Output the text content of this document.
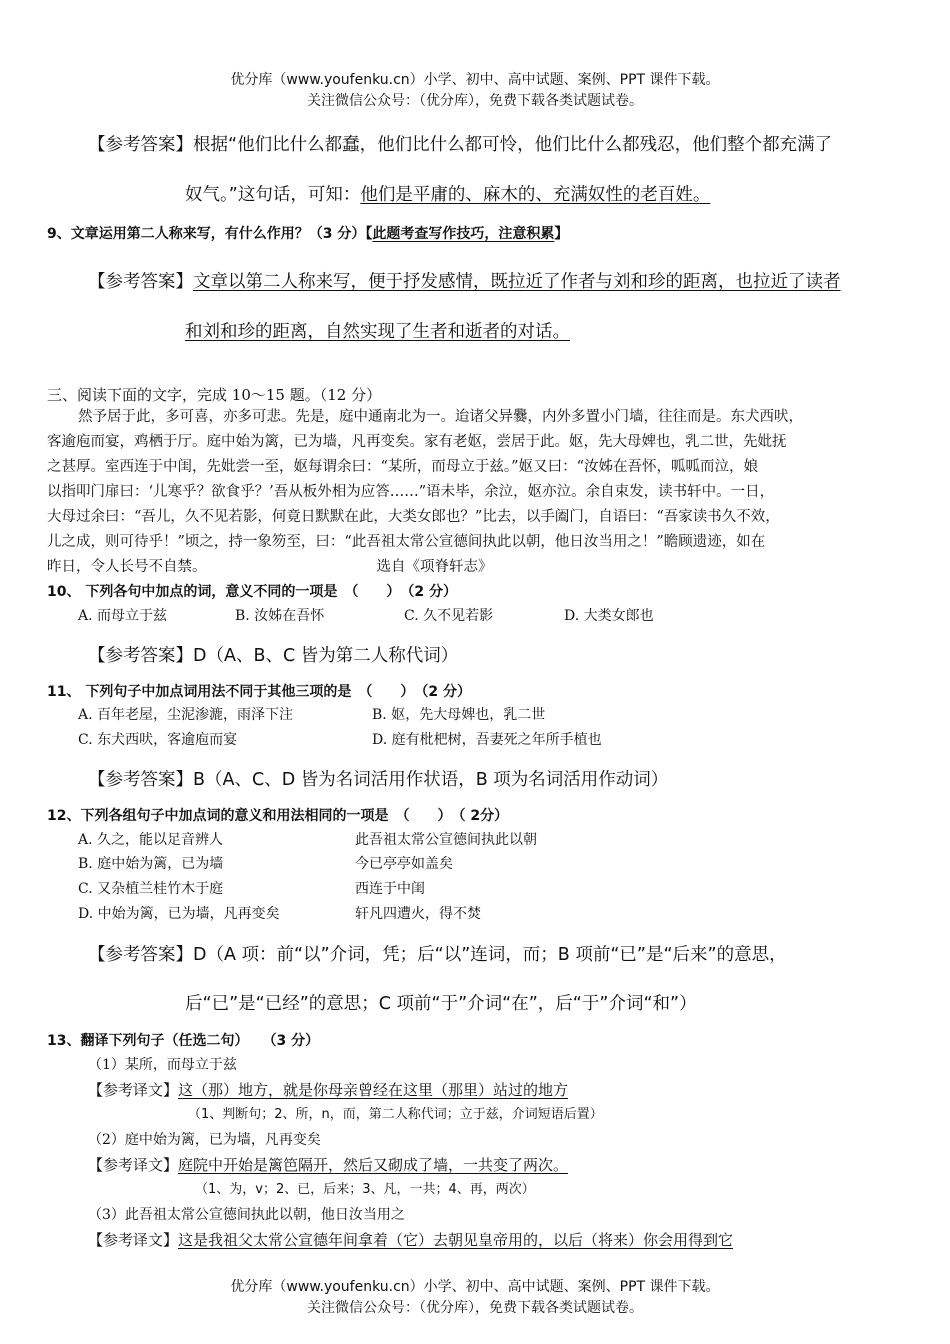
优分库（www.youfenku.cn）小学、初中、高中试题、案例、PPT 课件下载。
关注微信公众号：（优分库），免费下载各类试题试卷。
【参考答案】根据“他们比什么都蠢，他们比什么都可怜，他们比什么都残忍，他们整个都充满了
奴气。”这句话，可知：他们是平庸的、麻木的、充满奴性的老百姓。
9、文章运用第二人称来写，有什么作用？（3 分）【此题考查写作技巧，注意积累】
【参考答案】文章以第二人称来写，便于抒发感情，既拉近了作者与刘和珍的距离，也拉近了读者
和刘和珍的距离，自然实现了生者和逝者的对话。
三、阅读下面的文字，完成 10～15 题。（12 分）
然予居于此，多可喜，亦多可悲。先是，庭中通南北为一。迨诸父异爨，内外多置小门墙，往往而是。东犬西吠，
客逾庖而宴，鸡栖于厅。庭中始为篱，已为墙，凡再变矣。家有老妪，尝居于此。妪，先大母婢也，乳二世，先妣抚
之甚厚。室西连于中闺，先妣尝一至，妪每谓余曰：“某所，而母立于兹。”妪又曰：“汝姊在吾怀，呱呱而泣，娘
以指叩门扉曰：‘儿寒乎？欲食乎？’吾从板外相为应答……”语未毕，余泣，妪亦泣。余自束发，读书轩中。一日，
大母过余曰：“吾儿，久不见若影，何竟日默默在此，大类女郎也？”比去，以手阖门，自语曰：“吾家读书久不效，
儿之成，则可待乎！”顷之，持一象笏至，曰：“此吾祖太常公宣德间执此以朝，他日汝当用之！”瞻顾遗迹，如在
昨日，令人长号不自禁。	选自《项脊轩志》
10、 下列各句中加点的词，意义不同的一项是　（　　）　（2 分）
A. 而母立于兹	B. 汝姊在吾怀	C. 久不见若影	D. 大类女郎也
【参考答案】D（A、B、C 皆为第二人称代词）
11、 下列句子中加点词用法不同于其他三项的是　（　　）　（2 分）
A. 百年老屋，尘泥渗漉，雨泽下注	B. 妪，先大母婢也，乳二世
C. 东犬西吠，客逾庖而宴	D. 庭有枇杷树，吾妻死之年所手植也
【参考答案】B（A、C、D 皆为名词活用作状语，B 项为名词活用作动词）
12、下列各组句子中加点词的意义和用法相同的一项是　（　　）　（ 2分）
A. 久之，能以足音辨人	此吾祖太常公宣德间执此以朝
B. 庭中始为篱，已为墙	今已亭亭如盖矣
C. 又杂植兰桂竹木于庭	西连于中闺
D. 中始为篱，已为墙，凡再变矣	轩凡四遭火，得不焚
【参考答案】D（A 项：前“以”介词，凭；后“以”连词，而；B 项前“已”是“后来”的意思，
后“已”是“已经”的意思；C 项前“于”介词“在”，后“于”介词“和”）
13、翻译下列句子（任选二句）　　（3 分）
（1）某所，而母立于兹
【参考译文】这（那）地方，就是你母亲曾经在这里（那里）站过的地方
（1、判断句；2、所，n，而，第二人称代词；立于兹，介词短语后置）
（2）庭中始为篱，已为墙，凡再变矣
【参考译文】庭院中开始是篱笆隔开，然后又砌成了墙，一共变了两次。
（1、为，v；2、已，后来；3、凡，一共；4、再，两次）
（3）此吾祖太常公宣德间执此以朝，他日汝当用之
【参考译文】这是我祖父太常公宣德年间拿着（它）去朝见皇帝用的，以后（将来）你会用得到它
优分库（www.youfenku.cn）小学、初中、高中试题、案例、PPT 课件下载。
关注微信公众号：（优分库），免费下载各类试题试卷。
